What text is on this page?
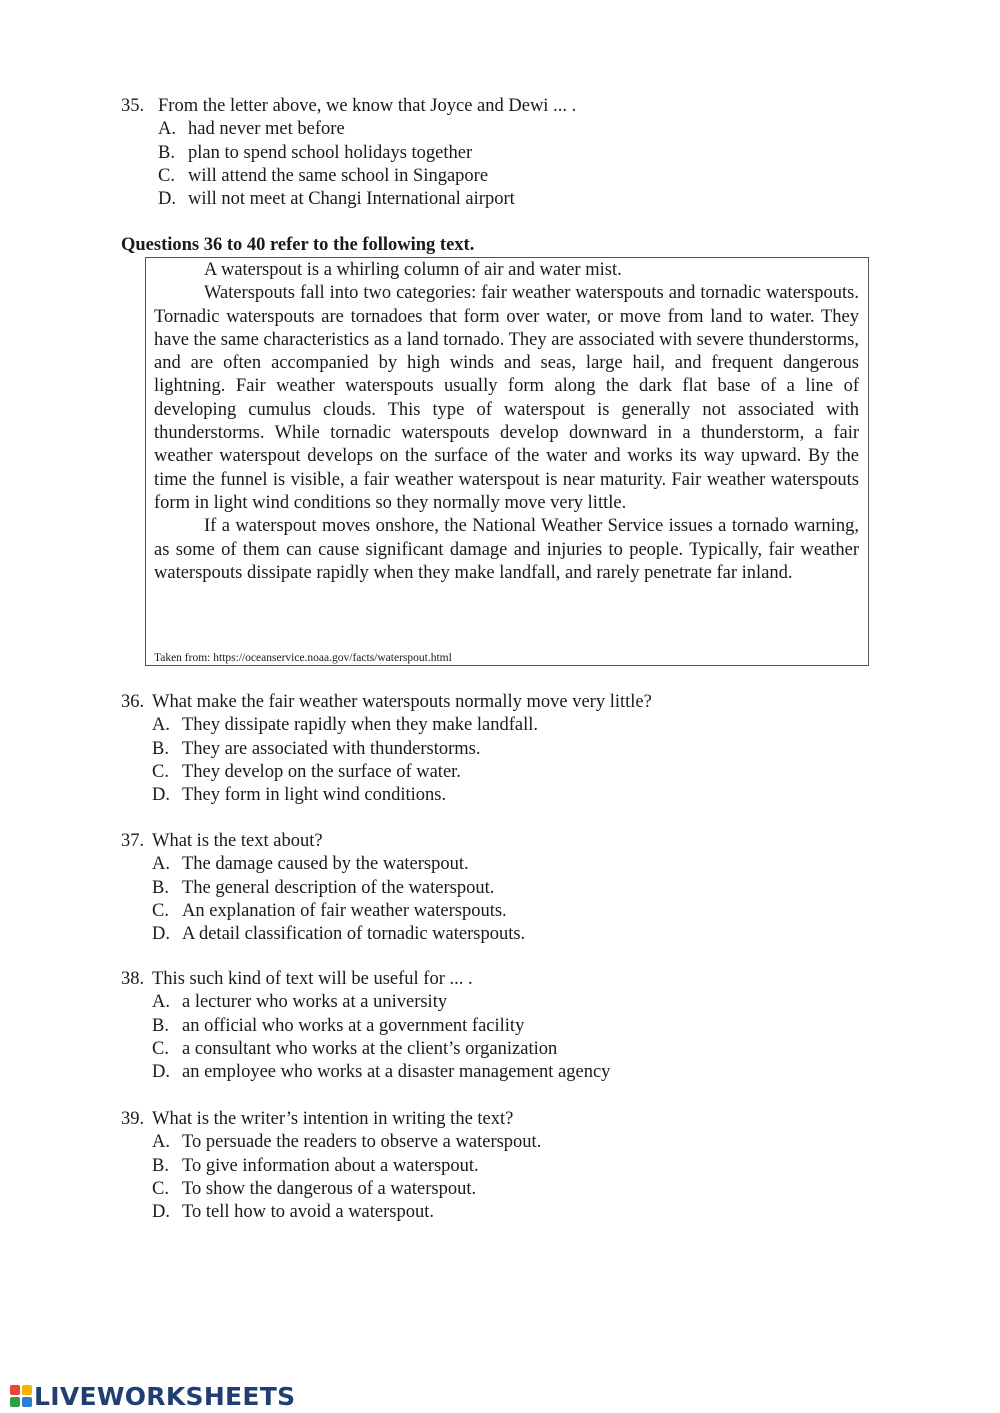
35. From the letter above, we know that Joyce and Dewi ... .
A. had never met before
B. plan to spend school holidays together
C. will attend the same school in Singapore
D. will not meet at Changi International airport
Questions 36 to 40 refer to the following text.

A waterspout is a whirling column of air and water mist.

Waterspouts fall into two categories: fair weather waterspouts and tornadic waterspouts. Tornadic waterspouts are tornadoes that form over water, or move from land to water. They have the same characteristics as a land tornado. They are associated with severe thunderstorms, and are often accompanied by high winds and seas, large hail, and frequent dangerous lightning. Fair weather waterspouts usually form along the dark flat base of a line of developing cumulus clouds. This type of waterspout is generally not associated with thunderstorms. While tornadic waterspouts develop downward in a thunderstorm, a fair weather waterspout develops on the surface of the water and works its way upward. By the time the funnel is visible, a fair weather waterspout is near maturity. Fair weather waterspouts form in light wind conditions so they normally move very little.

If a waterspout moves onshore, the National Weather Service issues a tornado warning, as some of them can cause significant damage and injuries to people. Typically, fair weather waterspouts dissipate rapidly when they make landfall, and rarely penetrate far inland.

Taken from: https://oceanservice.noaa.gov/facts/waterspout.html
36. What make the fair weather waterspouts normally move very little?
A. They dissipate rapidly when they make landfall.
B. They are associated with thunderstorms.
C. They develop on the surface of water.
D. They form in light wind conditions.
37. What is the text about?
A. The damage caused by the waterspout.
B. The general description of the waterspout.
C. An explanation of fair weather waterspouts.
D. A detail classification of tornadic waterspouts.
38. This such kind of text will be useful for ... .
A. a lecturer who works at a university
B. an official who works at a government facility
C. a consultant who works at the client’s organization
D. an employee who works at a disaster management agency
39. What is the writer’s intention in writing the text?
A. To persuade the readers to observe a waterspout.
B. To give information about a waterspout.
C. To show the dangerous of a waterspout.
D. To tell how to avoid a waterspout.
LIVEWORKSHEETS
